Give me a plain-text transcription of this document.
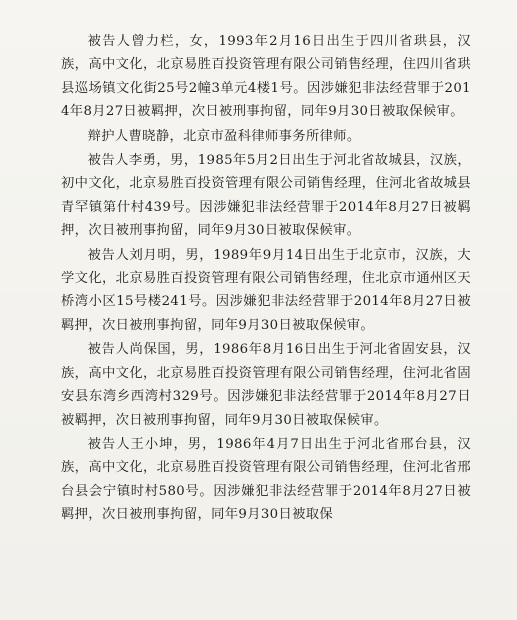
被告人曾力栏，女，1993年2月16日出生于四川省珙县，汉族，高中文化，北京易胜百投资管理有限公司销售经理，住四川省珙县巡场镇文化街25号2幢3单元4楼1号。因涉嫌犯非法经营罪于2014年8月27日被羁押，次日被刑事拘留，同年9月30日被取保候审。

辩护人曹晓静，北京市盈科律师事务所律师。

被告人李勇，男，1985年5月2日出生于河北省故城县，汉族，初中文化，北京易胜百投资管理有限公司销售经理，住河北省故城县青罕镇第什村439号。因涉嫌犯非法经营罪于2014年8月27日被羁押，次日被刑事拘留，同年9月30日被取保候审。

被告人刘月明，男，1989年9月14日出生于北京市，汉族，大学文化，北京易胜百投资管理有限公司销售经理，住北京市通州区天桥湾小区15号楼241号。因涉嫌犯非法经营罪于2014年8月27日被羁押，次日被刑事拘留，同年9月30日被取保候审。

被告人尚保国，男，1986年8月16日出生于河北省固安县，汉族，高中文化，北京易胜百投资管理有限公司销售经理，住河北省固安县东湾乡西湾村329号。因涉嫌犯非法经营罪于2014年8月27日被羁押，次日被刑事拘留，同年9月30日被取保候审。

被告人王小坤，男，1986年4月7日出生于河北省邢台县，汉族，高中文化，北京易胜百投资管理有限公司销售经理，住河北省邢台县会宁镇时村580号。因涉嫌犯非法经营罪于2014年8月27日被羁押，次日被刑事拘留，同年9月30日被取保
